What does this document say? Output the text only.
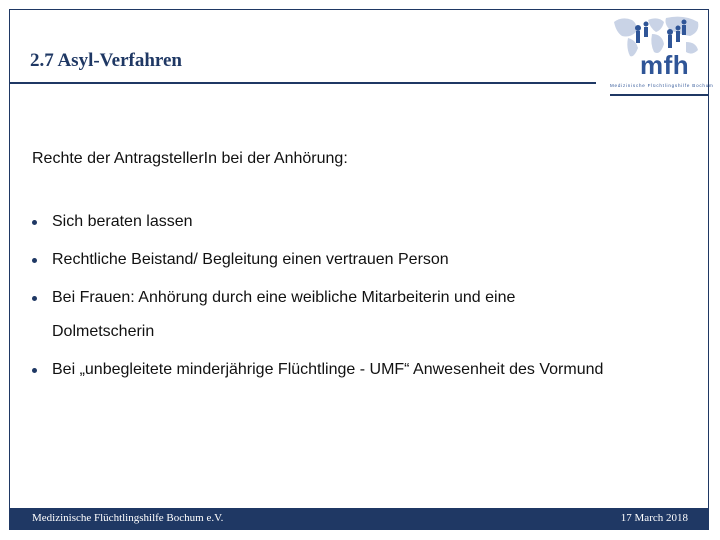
2.7 Asyl-Verfahren	mfh
Medizinische Flüchtlingshilfe Bochum
Rechte der AntragstellerIn bei der Anhörung:
Sich beraten lassen
Rechtliche Beistand/ Begleitung einen vertrauen Person
Bei Frauen: Anhörung durch eine weibliche Mitarbeiterin und eine Dolmetscherin
Bei „unbegleitete minderjährige Flüchtlinge - UMF“ Anwesenheit des Vormund
Medizinische Flüchtlingshilfe Bochum e.V.	17 March 2018
